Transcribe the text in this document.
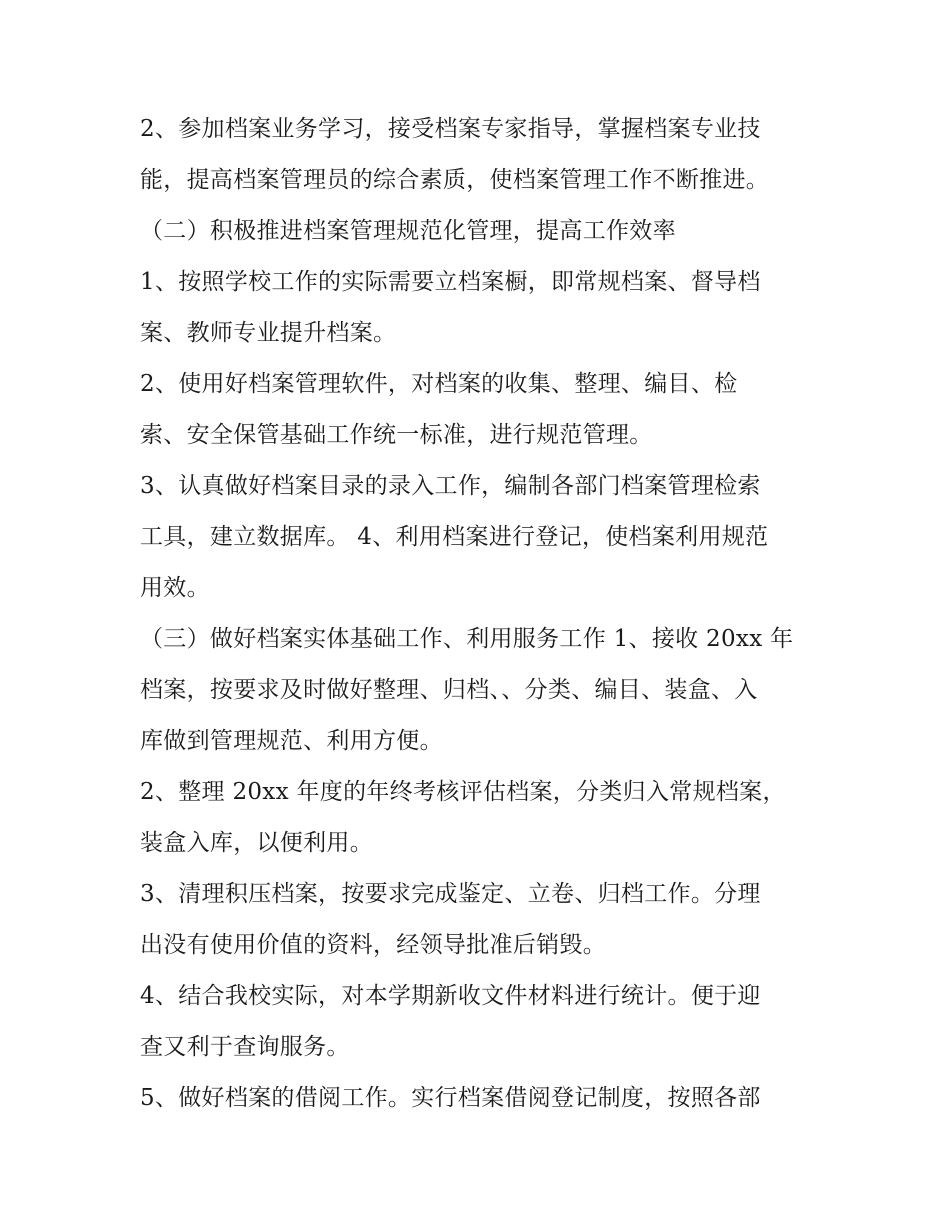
2、参加档案业务学习，接受档案专家指导，掌握档案专业技
能，提高档案管理员的综合素质，使档案管理工作不断推进。
（二）积极推进档案管理规范化管理，提高工作效率
1、按照学校工作的实际需要立档案橱，即常规档案、督导档
案、教师专业提升档案。
2、使用好档案管理软件，对档案的收集、整理、编目、检
索、安全保管基础工作统一标准，进行规范管理。
3、认真做好档案目录的录入工作，编制各部门档案管理检索
工具，建立数据库。 4、利用档案进行登记，使档案利用规范
用效。
（三）做好档案实体基础工作、利用服务工作 1、接收 20xx 年
档案，按要求及时做好整理、归档、、分类、编目、装盒、入
库做到管理规范、利用方便。
2、整理 20xx 年度的年终考核评估档案，分类归入常规档案，
装盒入库，以便利用。
3、清理积压档案，按要求完成鉴定、立卷、归档工作。分理
出没有使用价值的资料，经领导批准后销毁。
4、结合我校实际，对本学期新收文件材料进行统计。便于迎
查又利于查询服务。
5、做好档案的借阅工作。实行档案借阅登记制度，按照各部
